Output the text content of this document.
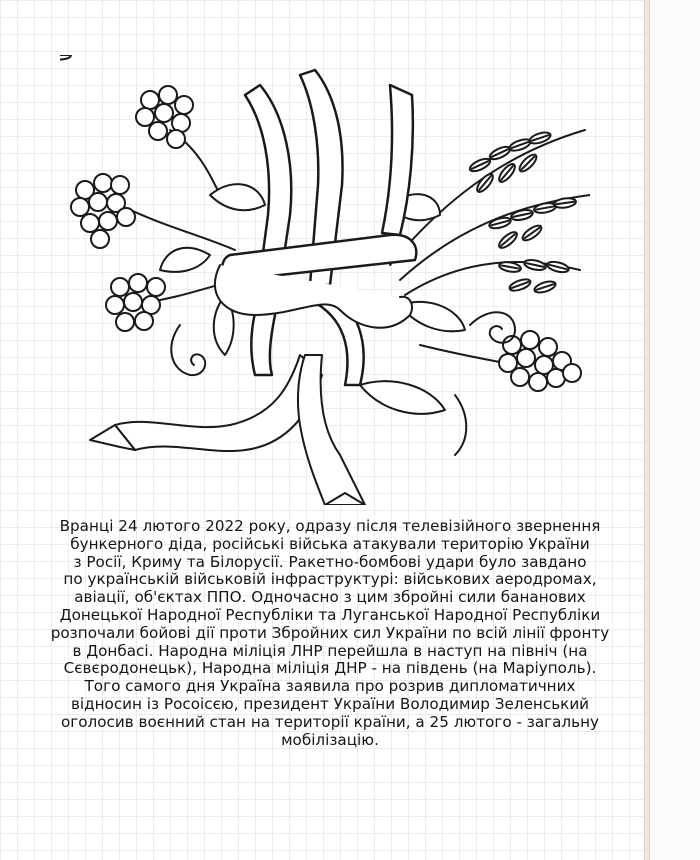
Вранці 24 лютого 2022 року, одразу після телевізійного звернення
бункерного діда, російські війська атакували територію України
з Росії, Криму та Білорусії. Ракетно-бомбові удари було завдано
по українській військовій інфраструктурі: військових аеродромах,
авіації, об'єктах ППО. Одночасно з цим збройні сили бананових
Донецької Народної Республіки та Луганської Народної Республіки
розпочали бойові дії проти Збройних сил України по всій лінії фронту
в Донбасі. Народна міліція ЛНР перейшла в наступ на північ (на
Сєвєродонецьк), Народна міліція ДНР - на південь (на Маріуполь).
Того самого дня Україна заявила про розрив дипломатичних
відносин із Росоісєю, президент України Володимир Зеленський
оголосив воєнний стан на території країни, а 25 лютого - загальну
мобілізацію.
